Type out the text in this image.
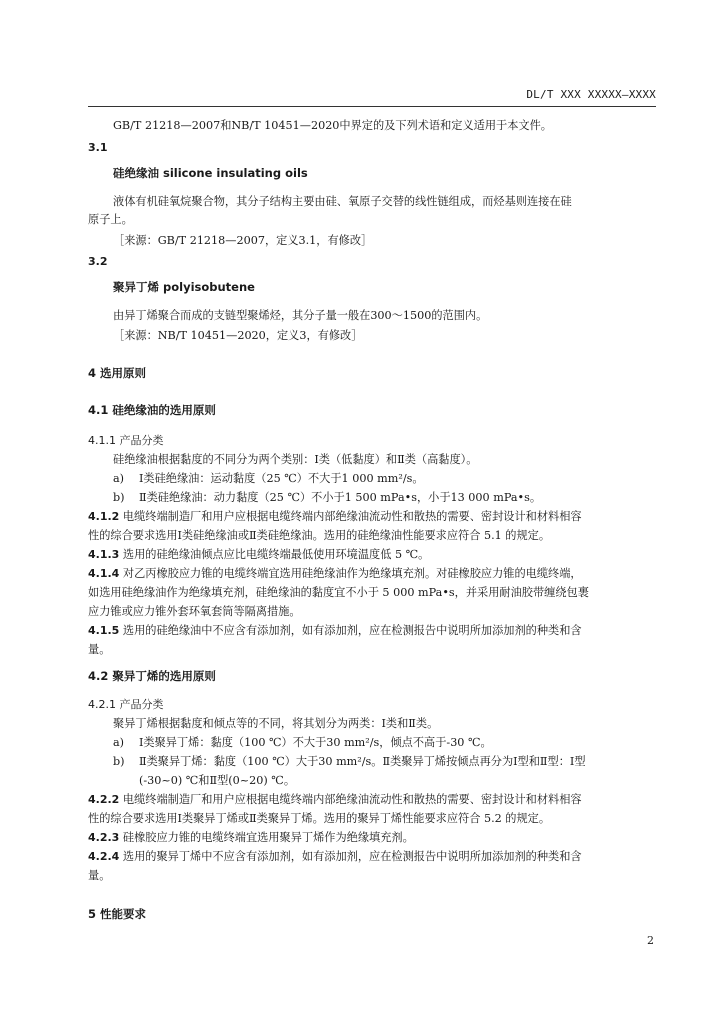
DL/T XXX XXXXX—XXXX
GB/T 21218—2007和NB/T 10451—2020中界定的及下列术语和定义适用于本文件。
3.1
硅绝缘油 silicone insulating oils
液体有机硅氧烷聚合物，其分子结构主要由硅、氧原子交替的线性链组成，而烃基则连接在硅
原子上。
［来源：GB/T 21218—2007，定义3.1，有修改］
3.2
聚异丁烯 polyisobutene
由异丁烯聚合而成的支链型聚烯烃，其分子量一般在300～1500的范围内。
［来源：NB/T 10451—2020，定义3，有修改］
4 选用原则
4.1 硅绝缘油的选用原则
4.1.1 产品分类
硅绝缘油根据黏度的不同分为两个类别：Ⅰ类（低黏度）和Ⅱ类（高黏度）。
a) Ⅰ类硅绝缘油：运动黏度（25 ℃）不大于1 000 mm²/s。
b) Ⅱ类硅绝缘油：动力黏度（25 ℃）不小于1 500 mPa•s，小于13 000 mPa•s。
4.1.2 电缆终端制造厂和用户应根据电缆终端内部绝缘油流动性和散热的需要、密封设计和材料相容
性的综合要求选用Ⅰ类硅绝缘油或Ⅱ类硅绝缘油。选用的硅绝缘油性能要求应符合 5.1 的规定。
4.1.3 选用的硅绝缘油倾点应比电缆终端最低使用环境温度低 5 ℃。
4.1.4 对乙丙橡胶应力锥的电缆终端宜选用硅绝缘油作为绝缘填充剂。对硅橡胶应力锥的电缆终端，
如选用硅绝缘油作为绝缘填充剂，硅绝缘油的黏度宜不小于 5 000 mPa•s，并采用耐油胶带缠绕包裹
应力锥或应力锥外套环氧套筒等隔离措施。
4.1.5 选用的硅绝缘油中不应含有添加剂，如有添加剂，应在检测报告中说明所加添加剂的种类和含
量。
4.2 聚异丁烯的选用原则
4.2.1 产品分类
聚异丁烯根据黏度和倾点等的不同，将其划分为两类：Ⅰ类和Ⅱ类。
a) Ⅰ类聚异丁烯：黏度（100 ℃）不大于30 mm²/s，倾点不高于-30 ℃。
b) Ⅱ类聚异丁烯：黏度（100 ℃）大于30 mm²/s。Ⅱ类聚异丁烯按倾点再分为Ⅰ型和Ⅱ型：Ⅰ型
(-30~0) ℃和Ⅱ型(0~20) ℃。
4.2.2 电缆终端制造厂和用户应根据电缆终端内部绝缘油流动性和散热的需要、密封设计和材料相容
性的综合要求选用Ⅰ类聚异丁烯或Ⅱ类聚异丁烯。选用的聚异丁烯性能要求应符合 5.2 的规定。
4.2.3 硅橡胶应力锥的电缆终端宜选用聚异丁烯作为绝缘填充剂。
4.2.4 选用的聚异丁烯中不应含有添加剂，如有添加剂，应在检测报告中说明所加添加剂的种类和含
量。
5 性能要求
2
